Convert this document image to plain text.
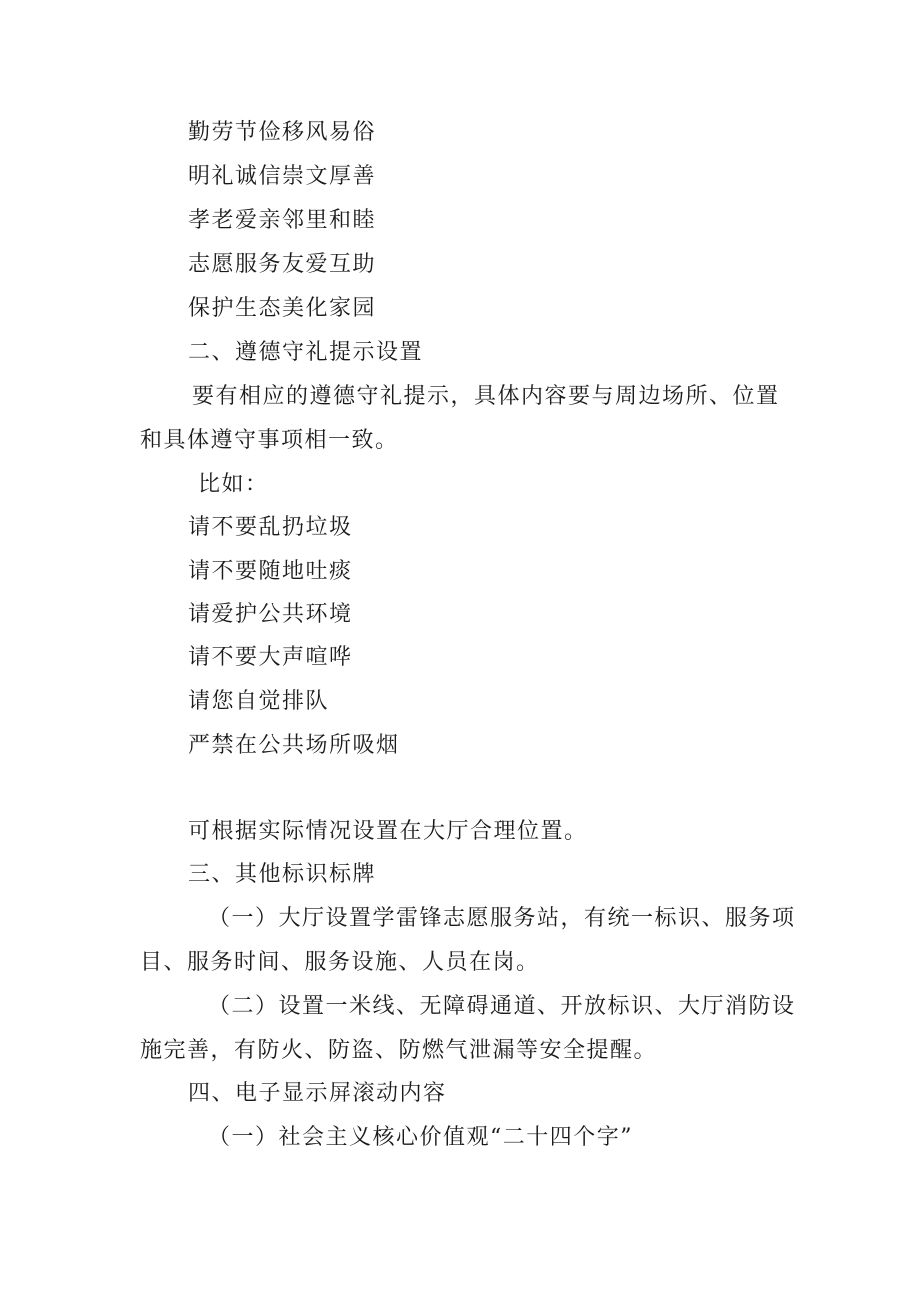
勤劳节俭移风易俗
明礼诚信崇文厚善
孝老爱亲邻里和睦
志愿服务友爱互助
保护生态美化家园
二、遵德守礼提示设置
要有相应的遵德守礼提示，具体内容要与周边场所、位置
和具体遵守事项相一致。
比如：
请不要乱扔垃圾
请不要随地吐痰
请爱护公共环境
请不要大声喧哗
请您自觉排队
严禁在公共场所吸烟
可根据实际情况设置在大厅合理位置。
三、其他标识标牌
（一）大厅设置学雷锋志愿服务站，有统一标识、服务项
目、服务时间、服务设施、人员在岗。
（二）设置一米线、无障碍通道、开放标识、大厅消防设
施完善，有防火、防盗、防燃气泄漏等安全提醒。
四、电子显示屏滚动内容
（一）社会主义核心价值观“二十四个字”
